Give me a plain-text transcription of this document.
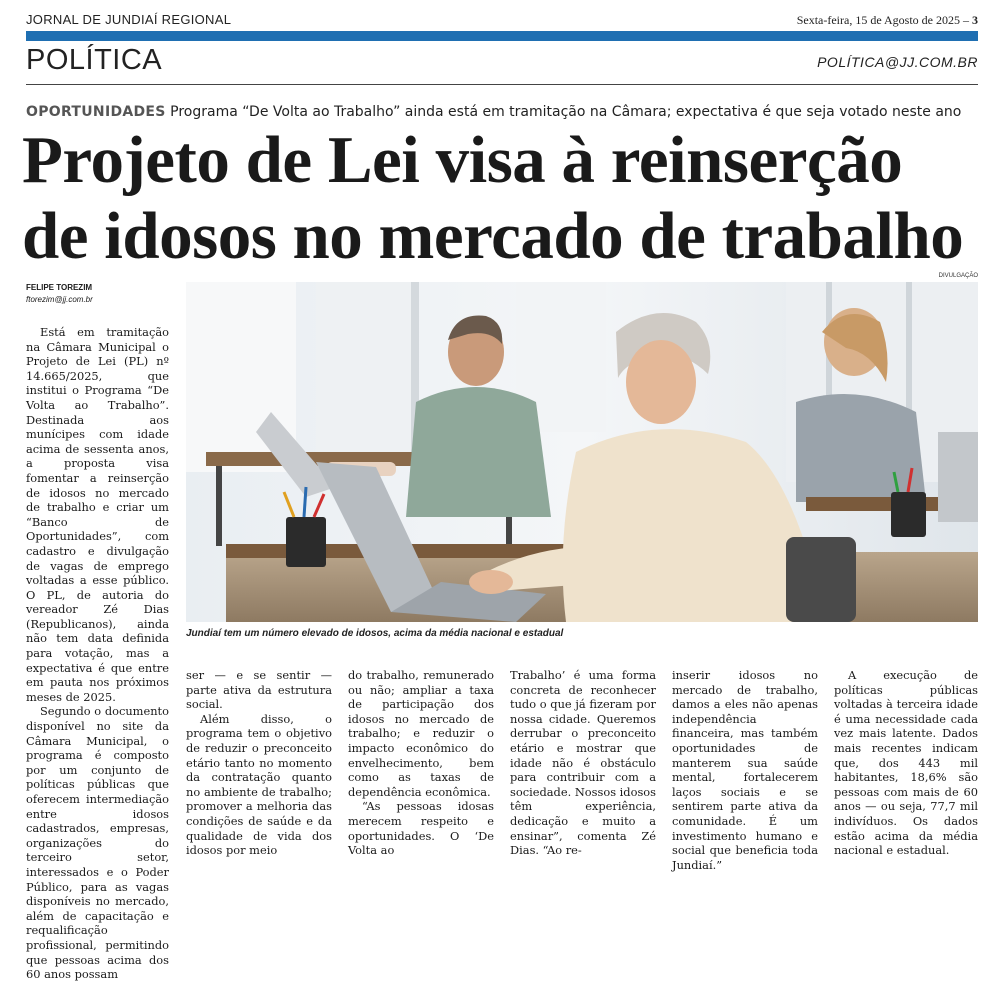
JORNAL DE JUNDIAÍ REGIONAL	Sexta-feira, 15 de Agosto de 2025 – 3
POLÍTICA	POLÍTICA@JJ.COM.BR
OPORTUNIDADES Programa “De Volta ao Trabalho” ainda está em tramitação na Câmara; expectativa é que seja votado neste ano
Projeto de Lei visa à reinserção
de idosos no mercado de trabalho
FELIPE TOREZIM
ftorezim@jj.com.br
DIVULGAÇÃO
Jundiaí tem um número elevado de idosos, acima da média nacional e estadual

Está em tramitação na Câmara Municipal o Projeto de Lei (PL) nº 14.665/2025, que institui o Programa “De Volta ao Trabalho”. Destinada aos munícipes com idade acima de sessenta anos, a proposta visa fomentar a reinserção de idosos no mercado de trabalho e criar um “Banco de Oportunidades”, com cadastro e divulgação de vagas de emprego voltadas a esse público. O PL, de autoria do vereador Zé Dias (Republicanos), ainda não tem data definida para votação, mas a expectativa é que entre em pauta nos próximos meses de 2025.

Segundo o documento disponível no site da Câmara Municipal, o programa é composto por um conjunto de políticas públicas que oferecem intermediação entre idosos cadastrados, empresas, organizações do terceiro setor, interessados e o Poder Público, para as vagas disponíveis no mercado, além de capacitação e requalificação profissional, permitindo que pessoas acima dos 60 anos possam

ser — e se sentir — parte ativa da estrutura social.

Além disso, o programa tem o objetivo de reduzir o preconceito etário tanto no momento da contratação quanto no ambiente de trabalho; promover a melhoria das condições de saúde e da qualidade de vida dos idosos por meio

do trabalho, remunerado ou não; ampliar a taxa de participação dos idosos no mercado de trabalho; e reduzir o impacto econômico do envelhecimento, bem como as taxas de dependência econômica.

“As pessoas idosas merecem respeito e oportunidades. O ‘De Volta ao

Trabalho’ é uma forma concreta de reconhecer tudo o que já fizeram por nossa cidade. Queremos derrubar o preconceito etário e mostrar que idade não é obstáculo para contribuir com a sociedade. Nossos idosos têm experiência, dedicação e muito a ensinar”, comenta Zé Dias. “Ao re-

inserir idosos no mercado de trabalho, damos a eles não apenas independência financeira, mas também oportunidades de manterem sua saúde mental, fortalecerem laços sociais e se sentirem parte ativa da comunidade. É um investimento humano e social que beneficia toda Jundiaí.”

A execução de políticas públicas voltadas à terceira idade é uma necessidade cada vez mais latente. Dados mais recentes indicam que, dos 443 mil habitantes, 18,6% são pessoas com mais de 60 anos — ou seja, 77,7 mil indivíduos. Os dados estão acima da média nacional e estadual.
